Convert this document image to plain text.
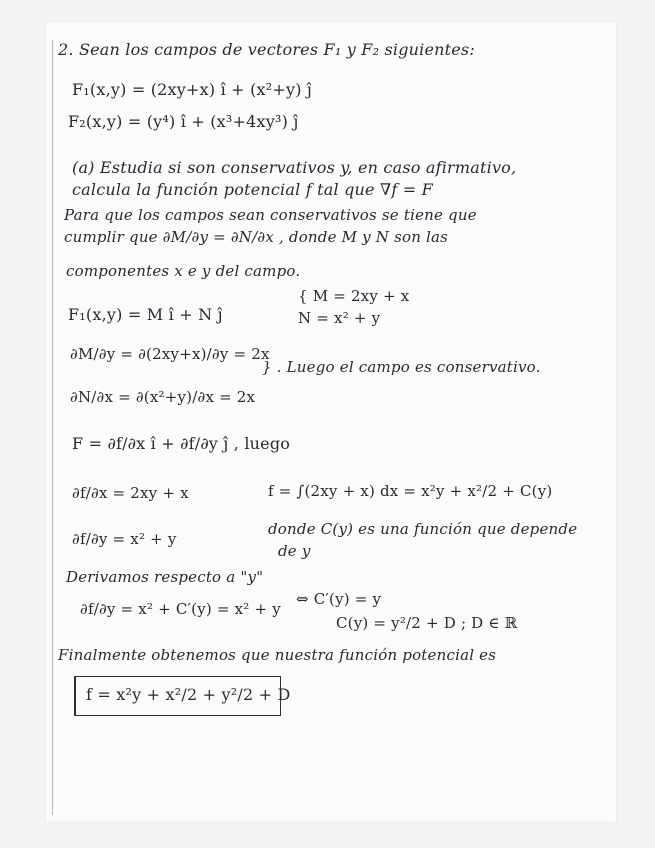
2. Sean los campos de vectores F₁ y F₂ siguientes:
F₁(x,y) = (2xy+x) î + (x²+y) ĵ
F₂(x,y) = (y⁴) î + (x³+4xy³) ĵ
(a) Estudia si son conservativos y, en caso afirmativo,
calcula la función potencial f tal que ∇f = F
Para que los campos sean conservativos se tiene que
cumplir que ∂M/∂y = ∂N/∂x , donde M y N son las
componentes x e y del campo.
F₁(x,y) = M î + N ĵ
{ M = 2xy + x
N = x² + y
∂M/∂y = ∂(2xy+x)/∂y = 2x
∂N/∂x = ∂(x²+y)/∂x = 2x
} . Luego el campo es conservativo.
F = ∂f/∂x î + ∂f/∂y ĵ , luego
∂f/∂x = 2xy + x	f = ∫(2xy + x) dx = x²y + x²/2 + C(y)
∂f/∂y = x² + y
donde C(y) es una función que depende
de y
Derivamos respecto a "y"
∂f/∂y = x² + C′(y) = x² + y
⇔ C′(y) = y
C(y) = y²/2 + D ; D ∈ ℝ
Finalmente obtenemos que nuestra función potencial es
f = x²y + x²/2 + y²/2 + D
